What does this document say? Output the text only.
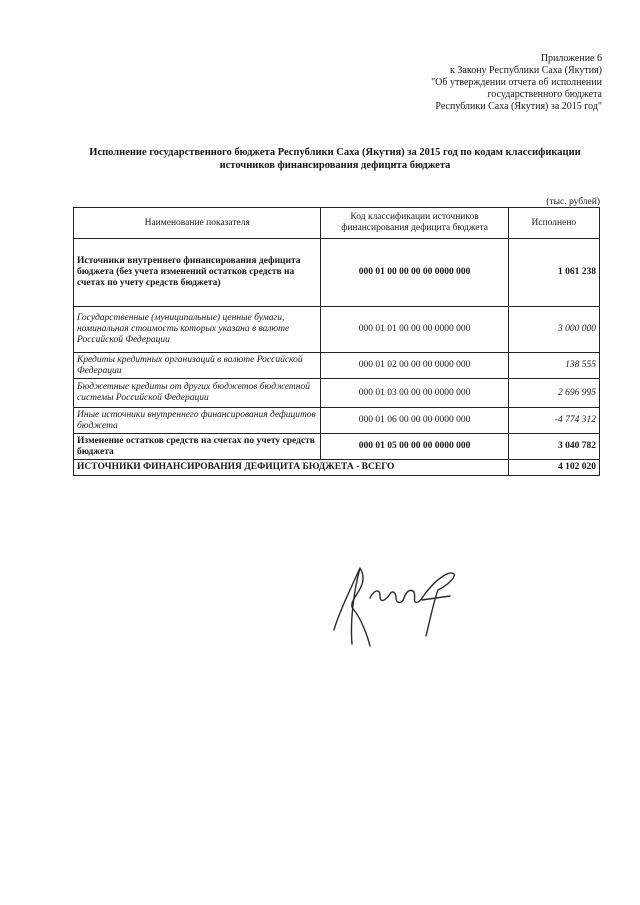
Приложение 6
к Закону Республики Саха (Якутия)
"Об утверждении отчета об исполнении
государственного бюджета
Республики Саха (Якутия) за 2015 год"
Исполнение государственного бюджета Республики Саха (Якутия) за 2015 год по кодам классификации
источников финансирования дефицита бюджета
(тыс. рублей)
Наименование показателя	Код классификации источников финансирования дефицита бюджета	Исполнено
Источники внутреннего финансирования дефицита бюджета (без учета изменений остатков средств на счетах по учету средств бюджета)	000 01 00 00 00 00 0000 000	1 061 238
Государственные (муниципальные) ценные бумаги, номинальная стоимость которых указана в валюте Российской Федерации	000 01 01 00 00 00 0000 000	3 000 000
Кредиты кредитных организаций в валюте Российской Федерации	000 01 02 00 00 00 0000 000	138 555
Бюджетные кредиты от других бюджетов бюджетной системы Российской Федерации	000 01 03 00 00 00 0000 000	2 696 995
Иные источники внутреннего финансирования дефицитов бюджета	000 01 06 00 00 00 0000 000	-4 774 312
Изменение остатков средств на счетах по учету средств бюджета	000 01 05 00 00 00 0000 000	3 040 782
ИСТОЧНИКИ ФИНАНСИРОВАНИЯ ДЕФИЦИТА БЮДЖЕТА - ВСЕГО		4 102 020
